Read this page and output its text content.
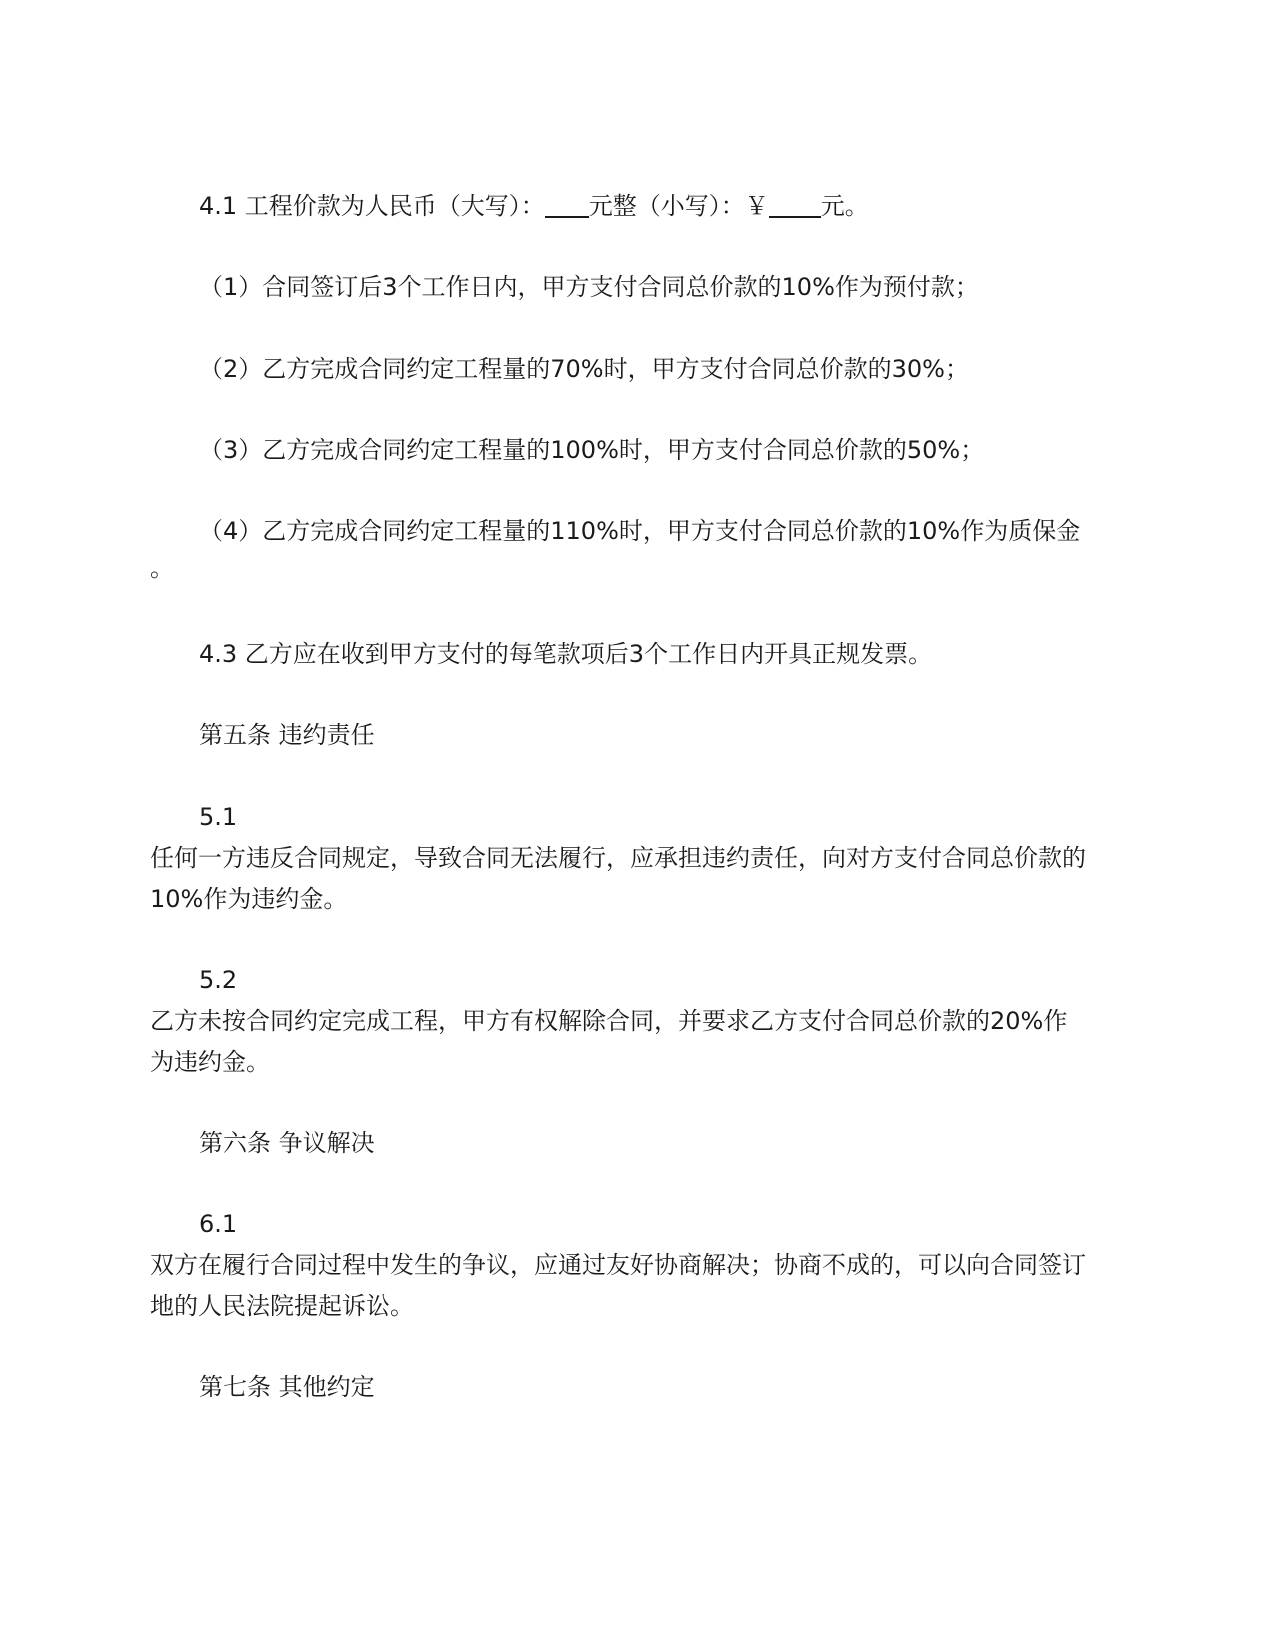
4.1 工程价款为人民币（大写）： 元整（小写）：￥ 元。

（1）合同签订后3个工作日内，甲方支付合同总价款的10%作为预付款；

（2）乙方完成合同约定工程量的70%时，甲方支付合同总价款的30%；

（3）乙方完成合同约定工程量的100%时，甲方支付合同总价款的50%；

（4）乙方完成合同约定工程量的110%时，甲方支付合同总价款的10%作为质保金
。

4.3 乙方应在收到甲方支付的每笔款项后3个工作日内开具正规发票。

第五条 违约责任

5.1
任何一方违反合同规定，导致合同无法履行，应承担违约责任，向对方支付合同总价款的
10%作为违约金。

5.2
乙方未按合同约定完成工程，甲方有权解除合同，并要求乙方支付合同总价款的20%作
为违约金。

第六条 争议解决

6.1
双方在履行合同过程中发生的争议，应通过友好协商解决；协商不成的，可以向合同签订
地的人民法院提起诉讼。

第七条 其他约定
